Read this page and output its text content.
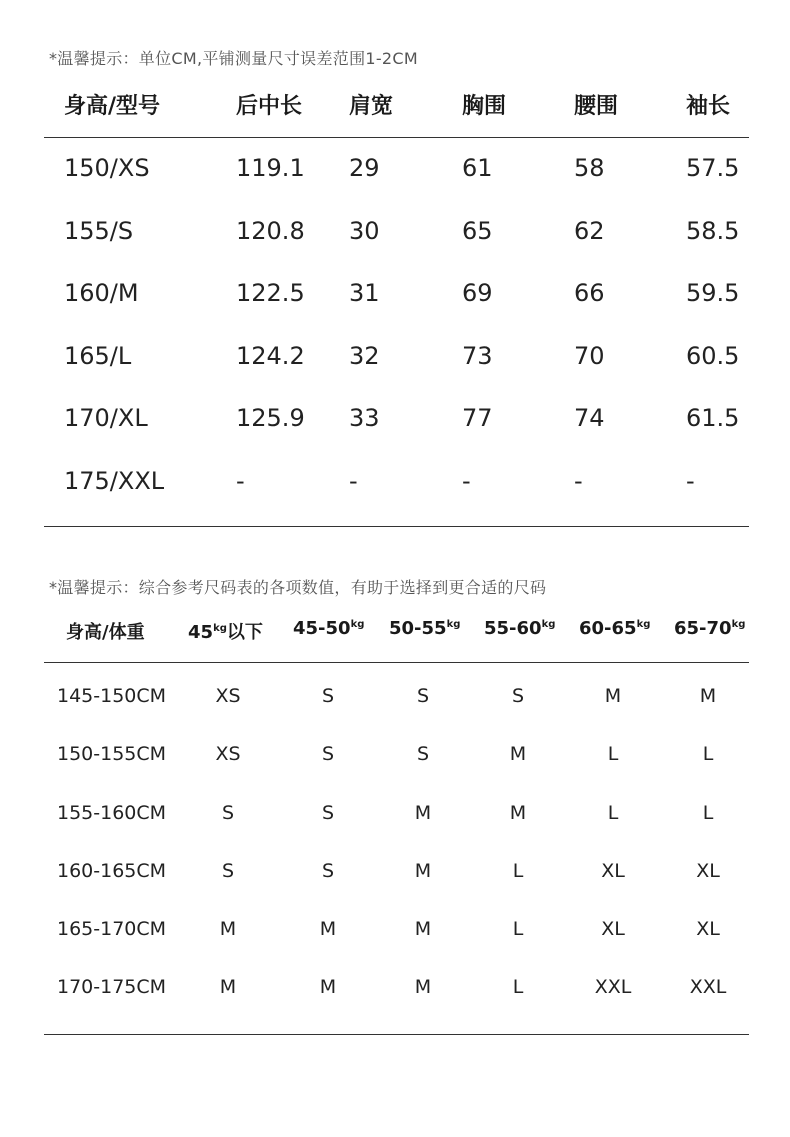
*温馨提示：单位CM,平铺测量尺寸误差范围1-2CM
身高/型号	后中长 肩宽	胸围	腰围	袖长
150/XS	119.1 29	61	58	57.5
155/S	120.8 30	65	62	58.5
160/M	122.5 31	69	66	59.5
165/L	124.2 32	73	70	60.5
170/XL	125.9 33	77	74	61.5
175/XXL	-	-	-	-	-
*温馨提示：综合参考尺码表的各项数值，有助于选择到更合适的尺码
身高/体重 $45^{kg}$以下 $45-50^{kg}$ $50-55^{kg}$ $55-60^{kg}$ $60-65^{kg}$ $65-70^{kg}$
145-150CM	XS	S	S	S	M	M
150-155CM	XS	S	S	M	L	L
155-160CM	S	S	M	M	L	L
160-165CM	S	S	M	L	XL	XL
165-170CM	M	M	M	L	XL	XL
170-175CM	M	M	M	L	XXL	XXL
